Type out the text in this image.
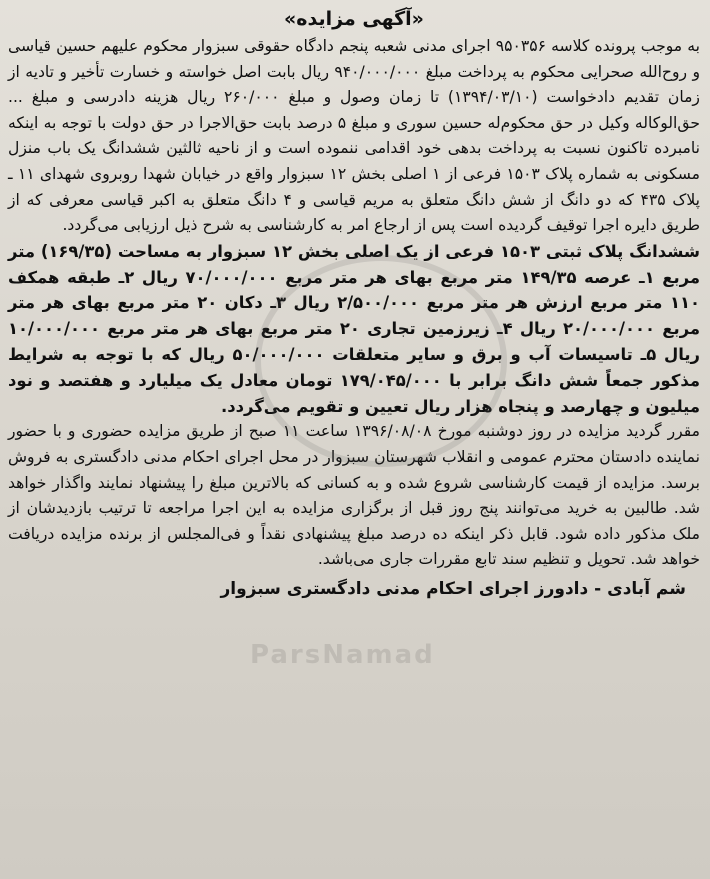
ParsNamad
«آگهی مزایده»

به موجب پرونده کلاسه ۹۵۰۳۵۶ اجرای مدنی شعبه پنجم دادگاه حقوقی سبزوار محکوم علیهم حسین قیاسی و روح‌الله صحرایی محکوم به پرداخت مبلغ ۹۴۰/۰۰۰/۰۰۰ ریال بابت اصل خواسته و خسارت تأخیر و تادیه از زمان تقدیم دادخواست (۱۳۹۴/۰۳/۱۰) تا زمان وصول و مبلغ ۲۶۰/۰۰۰ ریال هزینه دادرسی و مبلغ ... حق‌الوکاله وکیل در حق محکوم‌له حسین سوری و مبلغ ۵ درصد بابت حق‌الاجرا در حق دولت با توجه به اینکه نامبرده تاکنون نسبت به پرداخت بدهی خود اقدامی ننموده است و از ناحیه ثالثین ششدانگ یک باب منزل مسکونی به شماره پلاک ۱۵۰۳ فرعی از ۱ اصلی بخش ۱۲ سبزوار واقع در خیابان شهدا روبروی شهدای ۱۱ ـ پلاک ۴۳۵ که دو دانگ از شش دانگ متعلق به مریم قیاسی و ۴ دانگ متعلق به اکبر قیاسی معرفی که از طریق دایره اجرا توقیف گردیده است پس از ارجاع امر به کارشناسی به شرح ذیل ارزیابی می‌گردد.

ششدانگ پلاک ثبتی ۱۵۰۳ فرعی از یک اصلی بخش ۱۲ سبزوار به مساحت (۱۶۹/۳۵) متر مربع ۱ـ عرصه ۱۴۹/۳۵ متر مربع بهای هر متر مربع ۷۰/۰۰۰/۰۰۰ ریال ۲ـ طبقه همکف ۱۱۰ متر مربع ارزش هر متر مربع ۲/۵۰۰/۰۰۰ ریال ۳ـ دکان ۲۰ متر مربع بهای هر متر مربع ۲۰/۰۰۰/۰۰۰ ریال ۴ـ زیرزمین تجاری ۲۰ متر مربع بهای هر متر مربع ۱۰/۰۰۰/۰۰۰ ریال ۵ـ تاسیسات آب و برق و سایر متعلقات ۵۰/۰۰۰/۰۰۰ ریال که با توجه به شرایط مذکور جمعاً شش دانگ برابر با ۱۷۹/۰۴۵/۰۰۰ تومان معادل یک میلیارد و هفتصد و نود میلیون و چهارصد و پنجاه هزار ریال تعیین و تقویم می‌گردد.

مقرر گردید مزایده در روز دوشنبه مورخ ۱۳۹۶/۰۸/۰۸ ساعت ۱۱ صبح از طریق مزایده حضوری و با حضور نماینده دادستان محترم عمومی و انقلاب شهرستان سبزوار در محل اجرای احکام مدنی دادگستری به فروش برسد. مزایده از قیمت کارشناسی شروع شده و به کسانی که بالاترین مبلغ را پیشنهاد نمایند واگذار خواهد شد. طالبین به خرید می‌توانند پنج روز قبل از برگزاری مزایده به این اجرا مراجعه تا ترتیب بازدیدشان از ملک مذکور داده شود. قابل ذکر اینکه ده درصد مبلغ پیشنهادی نقداً و فی‌المجلس از برنده مزایده دریافت خواهد شد. تحویل و تنظیم سند تابع مقررات جاری می‌باشد.

شم آبادی - دادورز اجرای احکام مدنی دادگستری سبزوار
